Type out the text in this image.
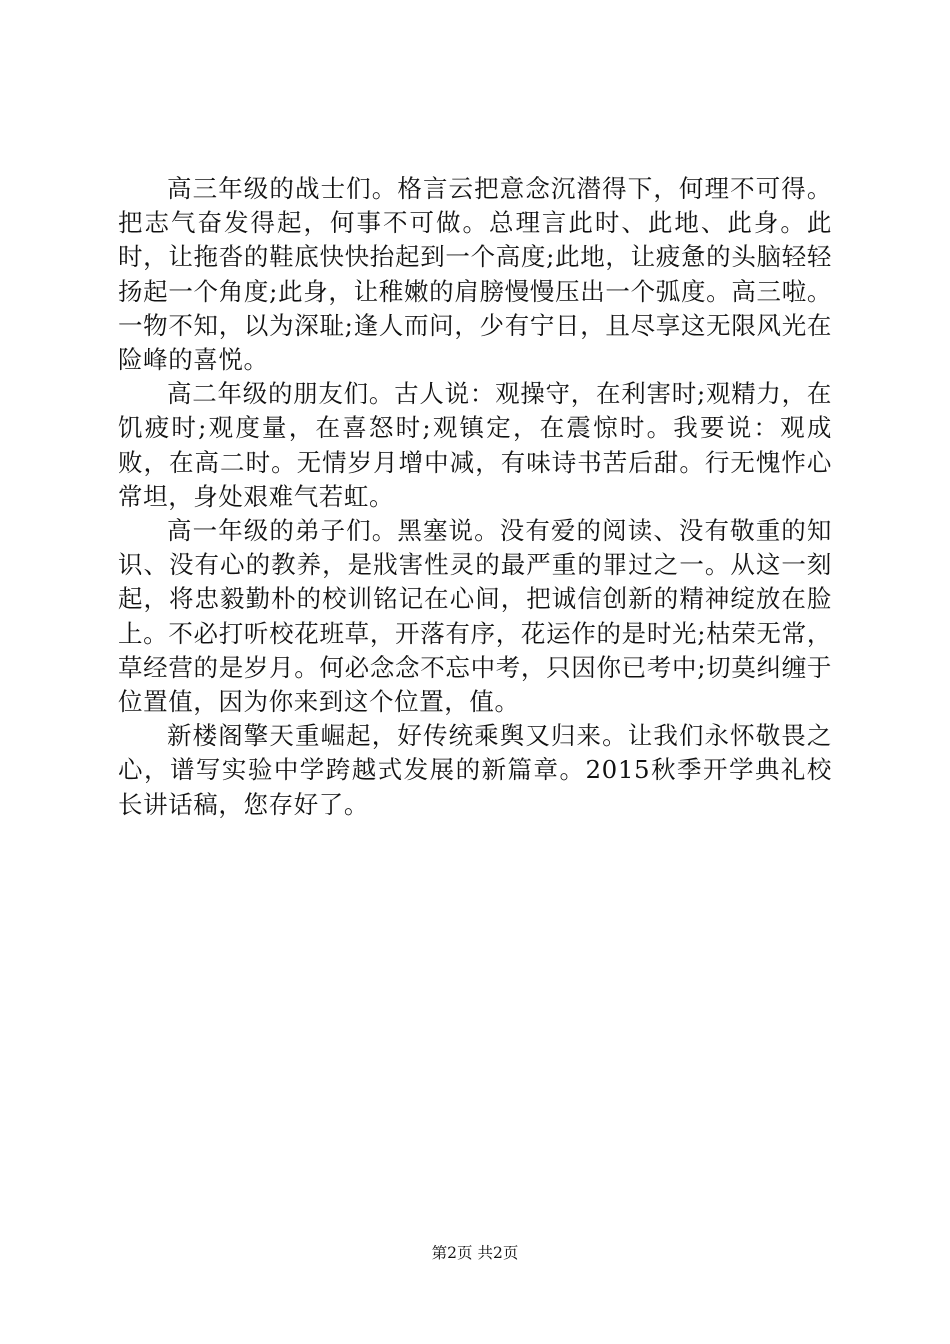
高三年级的战士们。格言云把意念沉潜得下，何理不可得。把志气奋发得起，何事不可做。总理言此时、此地、此身。此时，让拖沓的鞋底快快抬起到一个高度;此地，让疲惫的头脑轻轻扬起一个角度;此身，让稚嫩的肩膀慢慢压出一个弧度。高三啦。一物不知，以为深耻;逢人而问，少有宁日，且尽享这无限风光在险峰的喜悦。

高二年级的朋友们。古人说：观操守，在利害时;观精力，在饥疲时;观度量，在喜怒时;观镇定，在震惊时。我要说：观成败，在高二时。无情岁月增中减，有味诗书苦后甜。行无愧怍心常坦，身处艰难气若虹。

高一年级的弟子们。黑塞说。没有爱的阅读、没有敬重的知识、没有心的教养，是戕害性灵的最严重的罪过之一。从这一刻起，将忠毅勤朴的校训铭记在心间，把诚信创新的精神绽放在脸上。不必打听校花班草，开落有序，花运作的是时光;枯荣无常，草经营的是岁月。何必念念不忘中考，只因你已考中;切莫纠缠于位置值，因为你来到这个位置，值。

新楼阁擎天重崛起，好传统乘舆又归来。让我们永怀敬畏之心，谱写实验中学跨越式发展的新篇章。2015秋季开学典礼校长讲话稿，您存好了。

第2页 共2页
